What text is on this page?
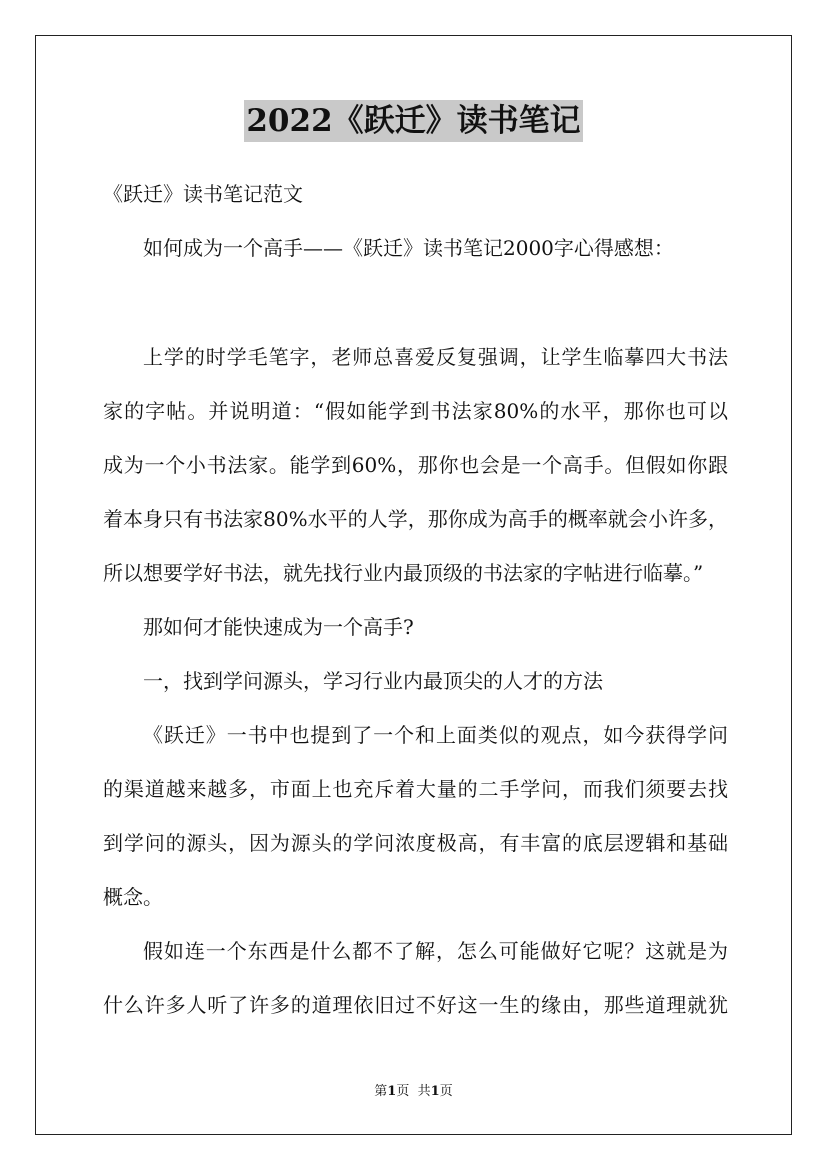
2022《跃迁》读书笔记
《跃迁》读书笔记范文
如何成为一个高手——《跃迁》读书笔记2000字心得感想：
上学的时学毛笔字，老师总喜爱反复强调，让学生临摹四大书法
家的字帖。并说明道：“假如能学到书法家80%的水平，那你也可以
成为一个小书法家。能学到60%，那你也会是一个高手。但假如你跟
着本身只有书法家80%水平的人学，那你成为高手的概率就会小许多，
所以想要学好书法，就先找行业内最顶级的书法家的字帖进行临摹。”
那如何才能快速成为一个高手?
一，找到学问源头，学习行业内最顶尖的人才的方法
《跃迁》一书中也提到了一个和上面类似的观点，如今获得学问
的渠道越来越多，市面上也充斥着大量的二手学问，而我们须要去找
到学问的源头，因为源头的学问浓度极高，有丰富的底层逻辑和基础
概念。
假如连一个东西是什么都不了解，怎么可能做好它呢？这就是为
什么许多人听了许多的道理依旧过不好这一生的缘由，那些道理就犹
第1页 共1页
